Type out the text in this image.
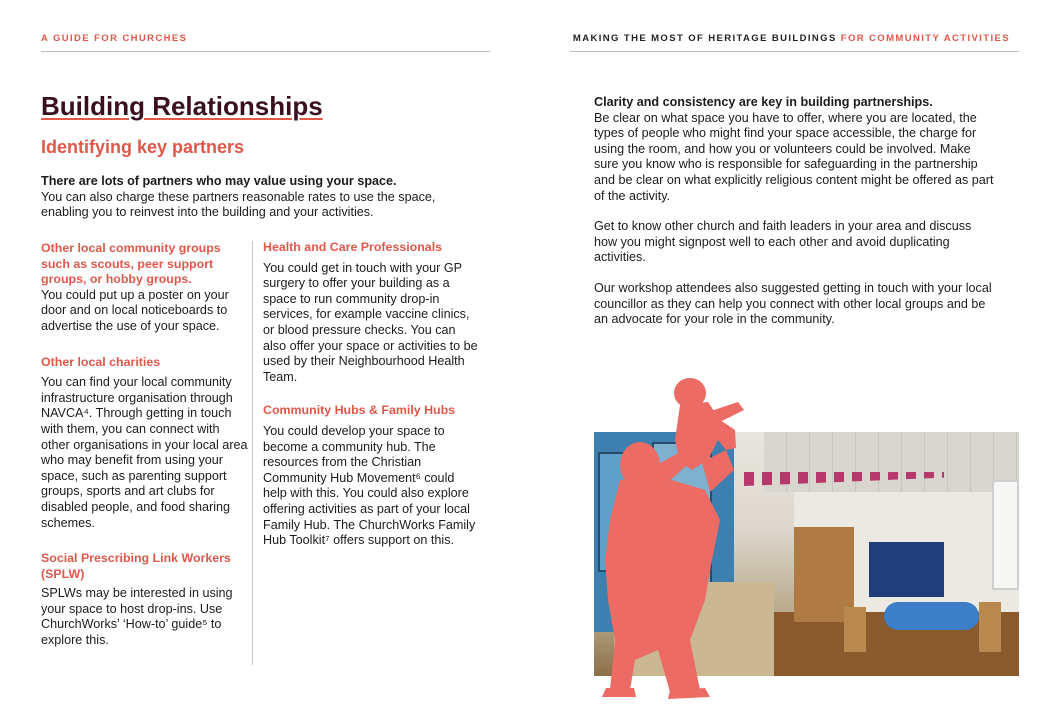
A GUIDE FOR CHURCHES
Building Relationships
Identifying key partners
There are lots of partners who may value using your space.
You can also charge these partners reasonable rates to use the space, enabling you to reinvest into the building and your activities.
Other local community groups such as scouts, peer support groups, or hobby groups.
You could put up a poster on your door and on local noticeboards to advertise the use of your space.
Other local charities
You can find your local community infrastructure organisation through NAVCA⁴. Through getting in touch with them, you can connect with other organisations in your local area who may benefit from using your space, such as parenting support groups, sports and art clubs for disabled people, and food sharing schemes.
Social Prescribing Link Workers (SPLW)
SPLWs may be interested in using your space to host drop-ins. Use ChurchWorks’ ‘How-to’ guide⁵ to explore this.
Health and Care Professionals
You could get in touch with your GP surgery to offer your building as a space to run community drop-in services, for example vaccine clinics, or blood pressure checks. You can also offer your space or activities to be used by their Neighbourhood Health Team.
Community Hubs & Family Hubs
You could develop your space to become a community hub. The resources from the Christian Community Hub Movement⁶ could help with this. You could also explore offering activities as part of your local Family Hub. The ChurchWorks Family Hub Toolkit⁷ offers support on this.
MAKING THE MOST OF HERITAGE BUILDINGS FOR COMMUNITY ACTIVITIES

Clarity and consistency are key in building partnerships.
Be clear on what space you have to offer, where you are located, the types of people who might find your space accessible, the charge for using the room, and how you or volunteers could be involved. Make sure you know who is responsible for safeguarding in the partnership and be clear on what explicitly religious content might be offered as part of the activity.

Get to know other church and faith leaders in your area and discuss how you might signpost well to each other and avoid duplicating activities.

Our workshop attendees also suggested getting in touch with your local councillor as they can help you connect with other local groups and be an advocate for your role in the community.
